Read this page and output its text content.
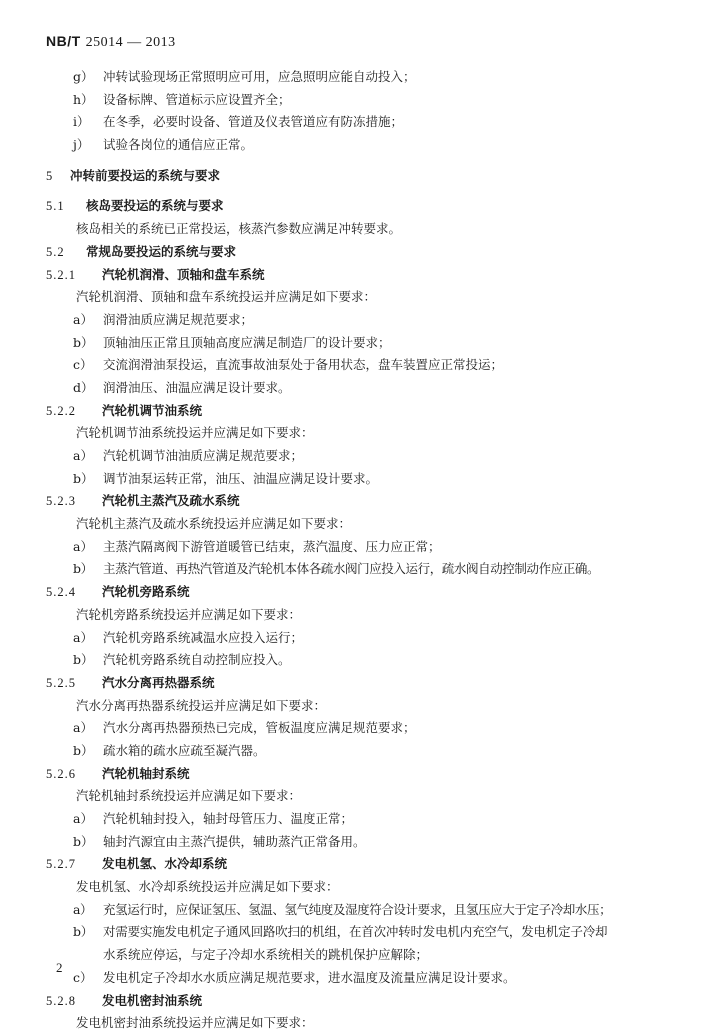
NB/T 25014 — 2013
g） 冲转试验现场正常照明应可用，应急照明应能自动投入；
h） 设备标牌、管道标示应设置齐全；
i） 在冬季，必要时设备、管道及仪表管道应有防冻措施；
j） 试验各岗位的通信应正常。
5 冲转前要投运的系统与要求
5.1 核岛要投运的系统与要求
核岛相关的系统已正常投运，核蒸汽参数应满足冲转要求。
5.2 常规岛要投运的系统与要求
5.2.1 汽轮机润滑、顶轴和盘车系统
汽轮机润滑、顶轴和盘车系统投运并应满足如下要求：
a） 润滑油质应满足规范要求；
b） 顶轴油压正常且顶轴高度应满足制造厂的设计要求；
c） 交流润滑油泵投运，直流事故油泵处于备用状态，盘车装置应正常投运；
d） 润滑油压、油温应满足设计要求。
5.2.2 汽轮机调节油系统
汽轮机调节油系统投运并应满足如下要求：
a） 汽轮机调节油油质应满足规范要求；
b） 调节油泵运转正常，油压、油温应满足设计要求。
5.2.3 汽轮机主蒸汽及疏水系统
汽轮机主蒸汽及疏水系统投运并应满足如下要求：
a） 主蒸汽隔离阀下游管道暖管已结束，蒸汽温度、压力应正常；
b） 主蒸汽管道、再热汽管道及汽轮机本体各疏水阀门应投入运行，疏水阀自动控制动作应正确。
5.2.4 汽轮机旁路系统
汽轮机旁路系统投运并应满足如下要求：
a） 汽轮机旁路系统减温水应投入运行；
b） 汽轮机旁路系统自动控制应投入。
5.2.5 汽水分离再热器系统
汽水分离再热器系统投运并应满足如下要求：
a） 汽水分离再热器预热已完成，管板温度应满足规范要求；
b） 疏水箱的疏水应疏至凝汽器。
5.2.6 汽轮机轴封系统
汽轮机轴封系统投运并应满足如下要求：
a） 汽轮机轴封投入，轴封母管压力、温度正常；
b） 轴封汽源宜由主蒸汽提供，辅助蒸汽正常备用。
5.2.7 发电机氢、水冷却系统
发电机氢、水冷却系统投运并应满足如下要求：
a） 充氢运行时，应保证氢压、氢温、氢气纯度及湿度符合设计要求，且氢压应大于定子冷却水压；
b） 对需要实施发电机定子通风回路吹扫的机组，在首次冲转时发电机内充空气，发电机定子冷却
水系统应停运，与定子冷却水系统相关的跳机保护应解除；
c） 发电机定子冷却水水质应满足规范要求，进水温度及流量应满足设计要求。
5.2.8 发电机密封油系统
发电机密封油系统投运并应满足如下要求：
2
